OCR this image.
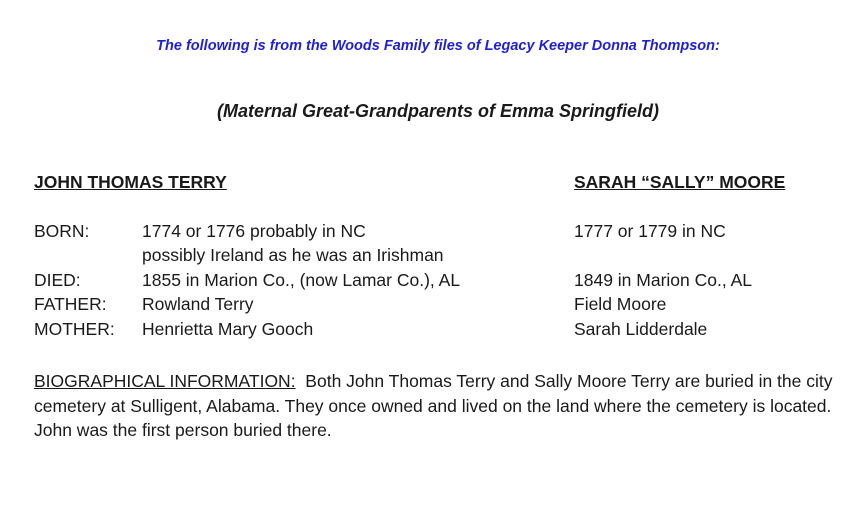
The following is from the Woods Family files of Legacy Keeper Donna Thompson:
(Maternal Great-Grandparents of Emma Springfield)
JOHN THOMAS TERRY	SARAH “SALLY” MOORE
BORN:
DIED:
FATHER:
MOTHER:
1774 or 1776 probably in NC
possibly Ireland as he was an Irishman
1855 in Marion Co., (now Lamar Co.), AL
Rowland Terry
Henrietta Mary Gooch
1777 or 1779 in NC
1849 in Marion Co., AL
Field Moore
Sarah Lidderdale
BIOGRAPHICAL INFORMATION: Both John Thomas Terry and Sally Moore Terry are buried in the city cemetery at Sulligent, Alabama. They once owned and lived on the land where the cemetery is located. John was the first person buried there.
